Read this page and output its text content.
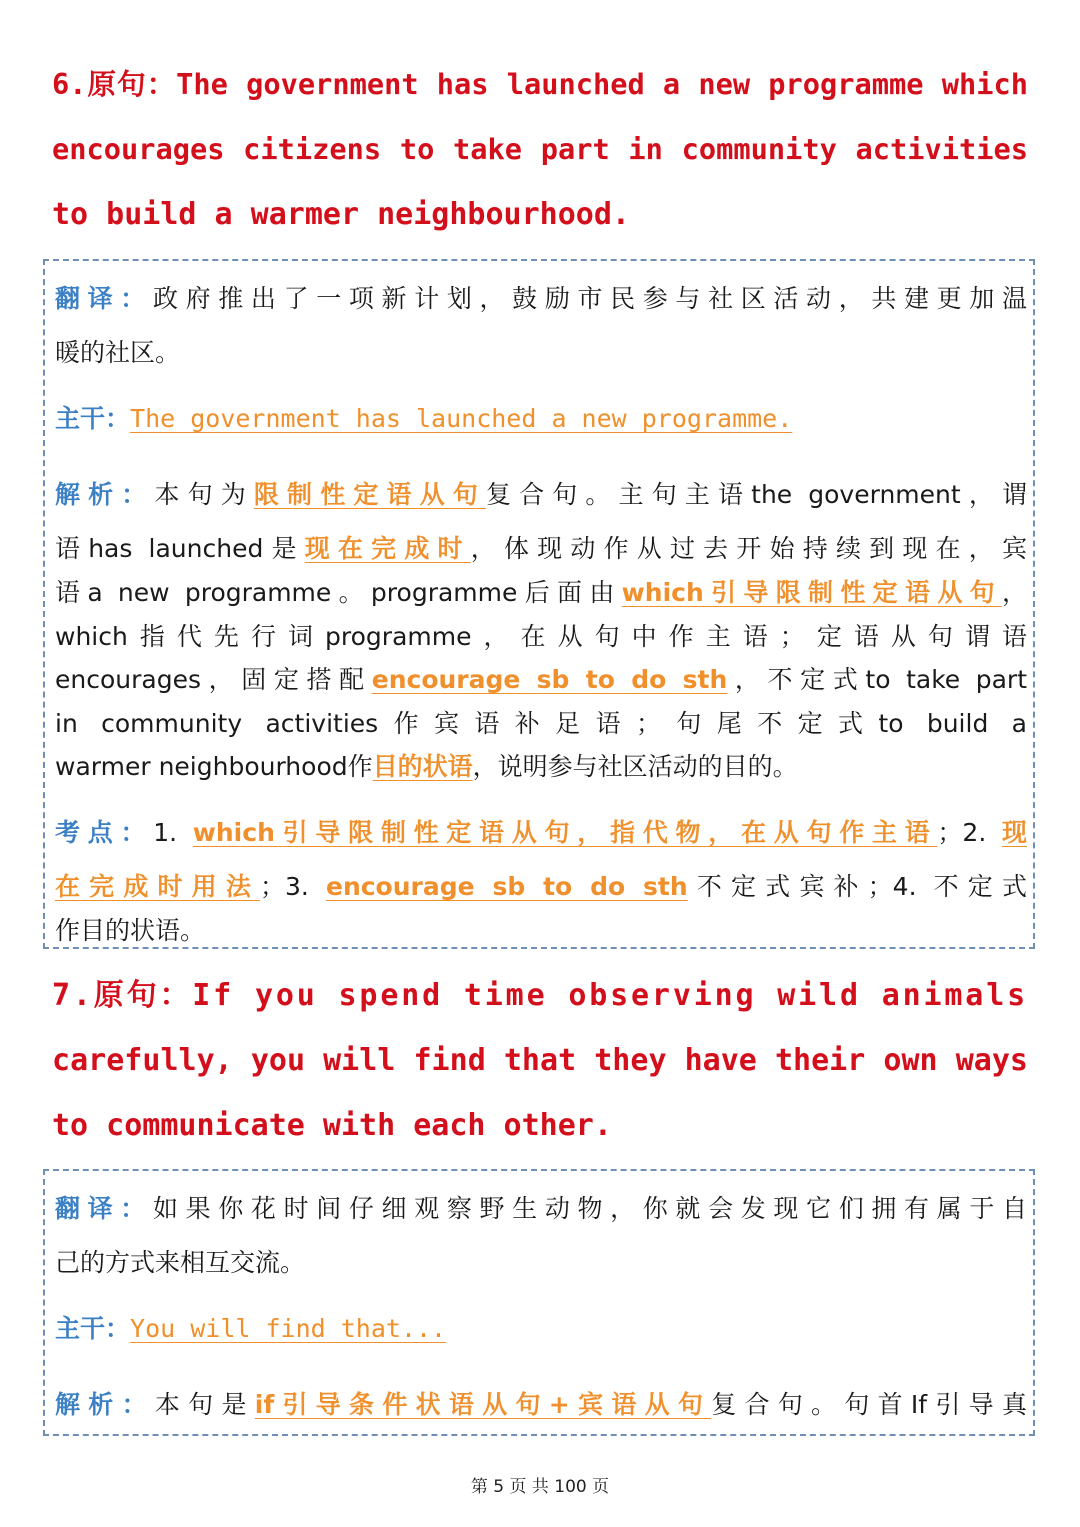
6.原句：The government has launched a new programme which
encourages citizens to take part in community activities
to build a warmer neighbourhood.
翻译：政府推出了一项新计划，鼓励市民参与社区活动，共建更加温
暖的社区。
主干：The government has launched a new programme.
解析：本句为限制性定语从句复合句。主句主语the government，谓
语has launched是现在完成时，体现动作从过去开始持续到现在，宾
语a new programme。programme后面由which引导限制性定语从句，
which指代先行词programme，在从句中作主语；定语从句谓语
encourages，固定搭配encourage sb to do sth，不定式to take part
in community activities作宾语补足语；句尾不定式to build a
warmer neighbourhood作目的状语，说明参与社区活动的目的。
考点：1. which引导限制性定语从句，指代物，在从句作主语；2. 现
在完成时用法；3. encourage sb to do sth不定式宾补；4. 不定式
作目的状语。
7.原句：If you spend time observing wild animals
carefully, you will find that they have their own ways
to communicate with each other.
翻译：如果你花时间仔细观察野生动物，你就会发现它们拥有属于自
己的方式来相互交流。
主干：You will find that...
解析：本句是if引导条件状语从句+宾语从句复合句。句首If引导真
第 5 页 共 100 页
